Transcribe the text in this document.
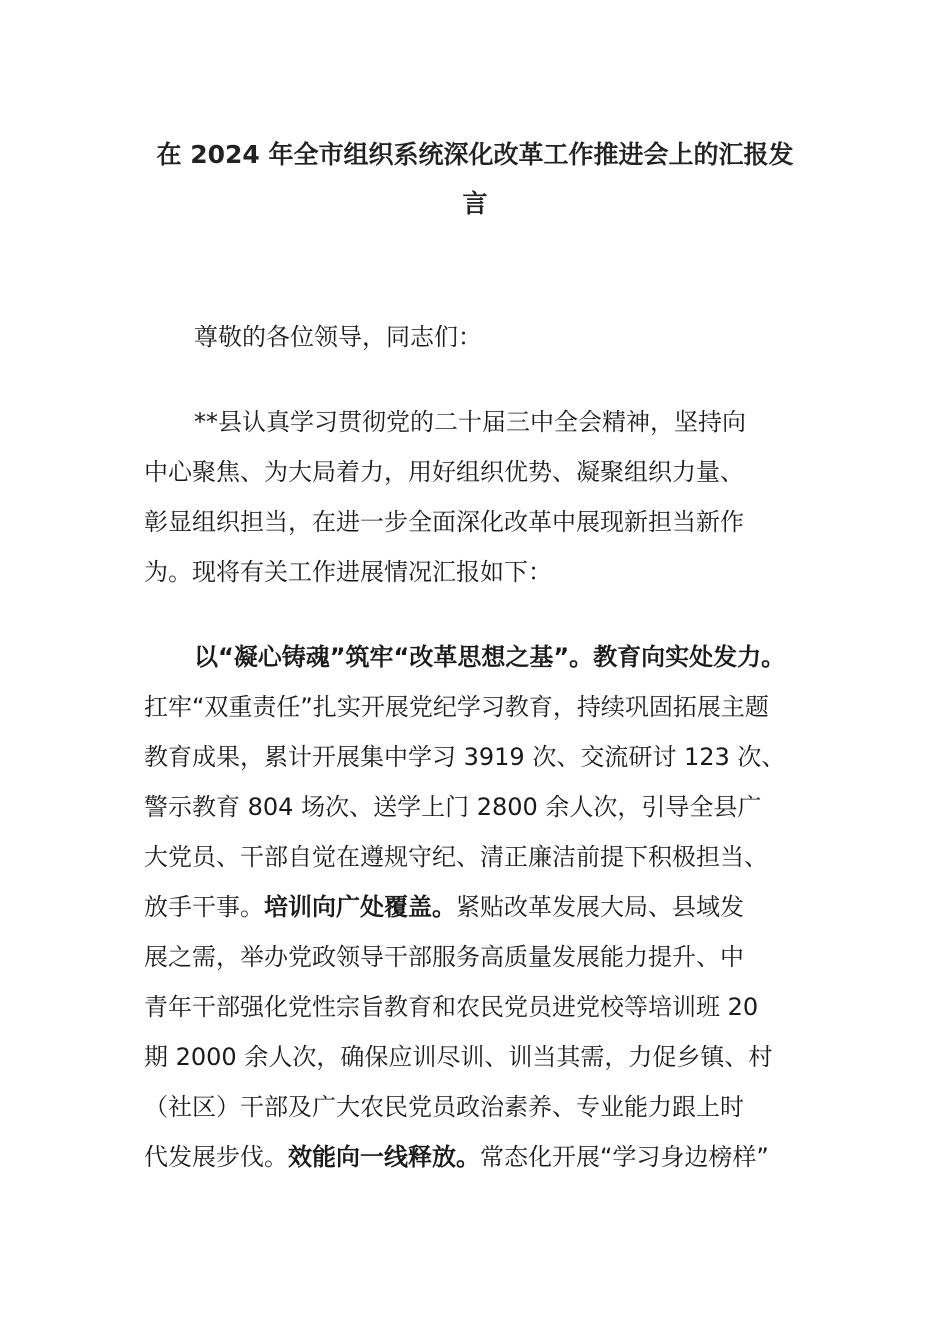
在 2024 年全市组织系统深化改革工作推进会上的汇报发
言

尊敬的各位领导，同志们：

**县认真学习贯彻党的二十届三中全会精神，坚持向
中心聚焦、为大局着力，用好组织优势、凝聚组织力量、
彰显组织担当，在进一步全面深化改革中展现新担当新作
为。现将有关工作进展情况汇报如下：

以“凝心铸魂”筑牢“改革思想之基”。教育向实处发力。
扛牢“双重责任”扎实开展党纪学习教育，持续巩固拓展主题
教育成果，累计开展集中学习 3919 次、交流研讨 123 次、
警示教育 804 场次、送学上门 2800 余人次，引导全县广
大党员、干部自觉在遵规守纪、清正廉洁前提下积极担当、
放手干事。培训向广处覆盖。紧贴改革发展大局、县域发
展之需，举办党政领导干部服务高质量发展能力提升、中
青年干部强化党性宗旨教育和农民党员进党校等培训班 20
期 2000 余人次，确保应训尽训、训当其需，力促乡镇、村
（社区）干部及广大农民党员政治素养、专业能力跟上时
代发展步伐。效能向一线释放。常态化开展“学习身边榜样”
